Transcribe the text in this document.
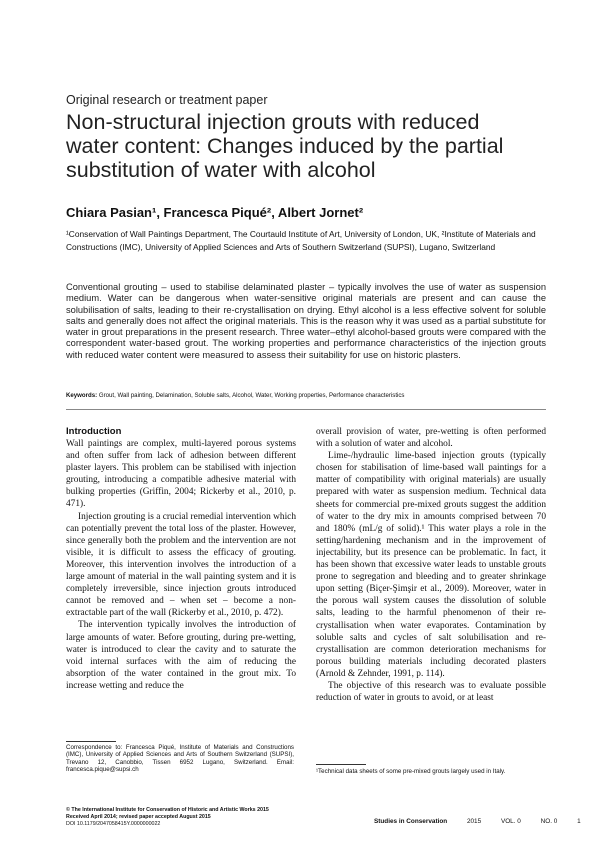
Original research or treatment paper
Non-structural injection grouts with reduced water content: Changes induced by the partial substitution of water with alcohol
Chiara Pasian¹, Francesca Piqué², Albert Jornet²
¹Conservation of Wall Paintings Department, The Courtauld Institute of Art, University of London, UK, ²Institute of Materials and Constructions (IMC), University of Applied Sciences and Arts of Southern Switzerland (SUPSI), Lugano, Switzerland
Conventional grouting – used to stabilise delaminated plaster – typically involves the use of water as suspension medium. Water can be dangerous when water-sensitive original materials are present and can cause the solubilisation of salts, leading to their re-crystallisation on drying. Ethyl alcohol is a less effective solvent for soluble salts and generally does not affect the original materials. This is the reason why it was used as a partial substitute for water in grout preparations in the present research. Three water–ethyl alcohol-based grouts were compared with the correspondent water-based grout. The working properties and performance characteristics of the injection grouts with reduced water content were measured to assess their suitability for use on historic plasters.
Keywords: Grout, Wall painting, Delamination, Soluble salts, Alcohol, Water, Working properties, Performance characteristics
Introduction

Wall paintings are complex, multi-layered porous systems and often suffer from lack of adhesion between different plaster layers. This problem can be stabilised with injection grouting, introducing a compatible adhesive material with bulking properties (Griffin, 2004; Rickerby et al., 2010, p. 471).

Injection grouting is a crucial remedial intervention which can potentially prevent the total loss of the plaster. However, since generally both the problem and the intervention are not visible, it is difficult to assess the efficacy of grouting. Moreover, this intervention involves the introduction of a large amount of material in the wall painting system and it is completely irreversible, since injection grouts introduced cannot be removed and – when set – become a non-extractable part of the wall (Rickerby et al., 2010, p. 472).

The intervention typically involves the introduction of large amounts of water. Before grouting, during pre-wetting, water is introduced to clear the cavity and to saturate the void internal surfaces with the aim of reducing the absorption of the water contained in the grout mix. To increase wetting and reduce the

overall provision of water, pre-wetting is often performed with a solution of water and alcohol.

Lime-/hydraulic lime-based injection grouts (typically chosen for stabilisation of lime-based wall paintings for a matter of compatibility with original materials) are usually prepared with water as suspension medium. Technical data sheets for commercial pre-mixed grouts suggest the addition of water to the dry mix in amounts comprised between 70 and 180% (mL/g of solid).¹ This water plays a role in the setting/hardening mechanism and in the improvement of injectability, but its presence can be problematic. In fact, it has been shown that excessive water leads to unstable grouts prone to segregation and bleeding and to greater shrinkage upon setting (Biçer-Şimşir et al., 2009). Moreover, water in the porous wall system causes the dissolution of soluble salts, leading to the harmful phenomenon of their re-crystallisation when water evaporates. Contamination by soluble salts and cycles of salt solubilisation and re-crystallisation are common deterioration mechanisms for porous building materials including decorated plasters (Arnold & Zehnder, 1991, p. 114).

The objective of this research was to evaluate possible reduction of water in grouts to avoid, or at least

Correspondence to: Francesca Piqué, Institute of Materials and Constructions (IMC), University of Applied Sciences and Arts of Southern Switzerland (SUPSI), Trevano 12, Canobbio, Tissen 6952 Lugano, Switzerland. Email: francesca.pique@supsi.ch	¹Technical data sheets of some pre-mixed grouts largely used in Italy.
© The International Institute for Conservation of Historic and Artistic Works 2015
Received April 2014; revised paper accepted August 2015
DOI 10.1179/2047058415Y.0000000022	Studies in Conservation	2015	VOL. 0	NO. 0	1
